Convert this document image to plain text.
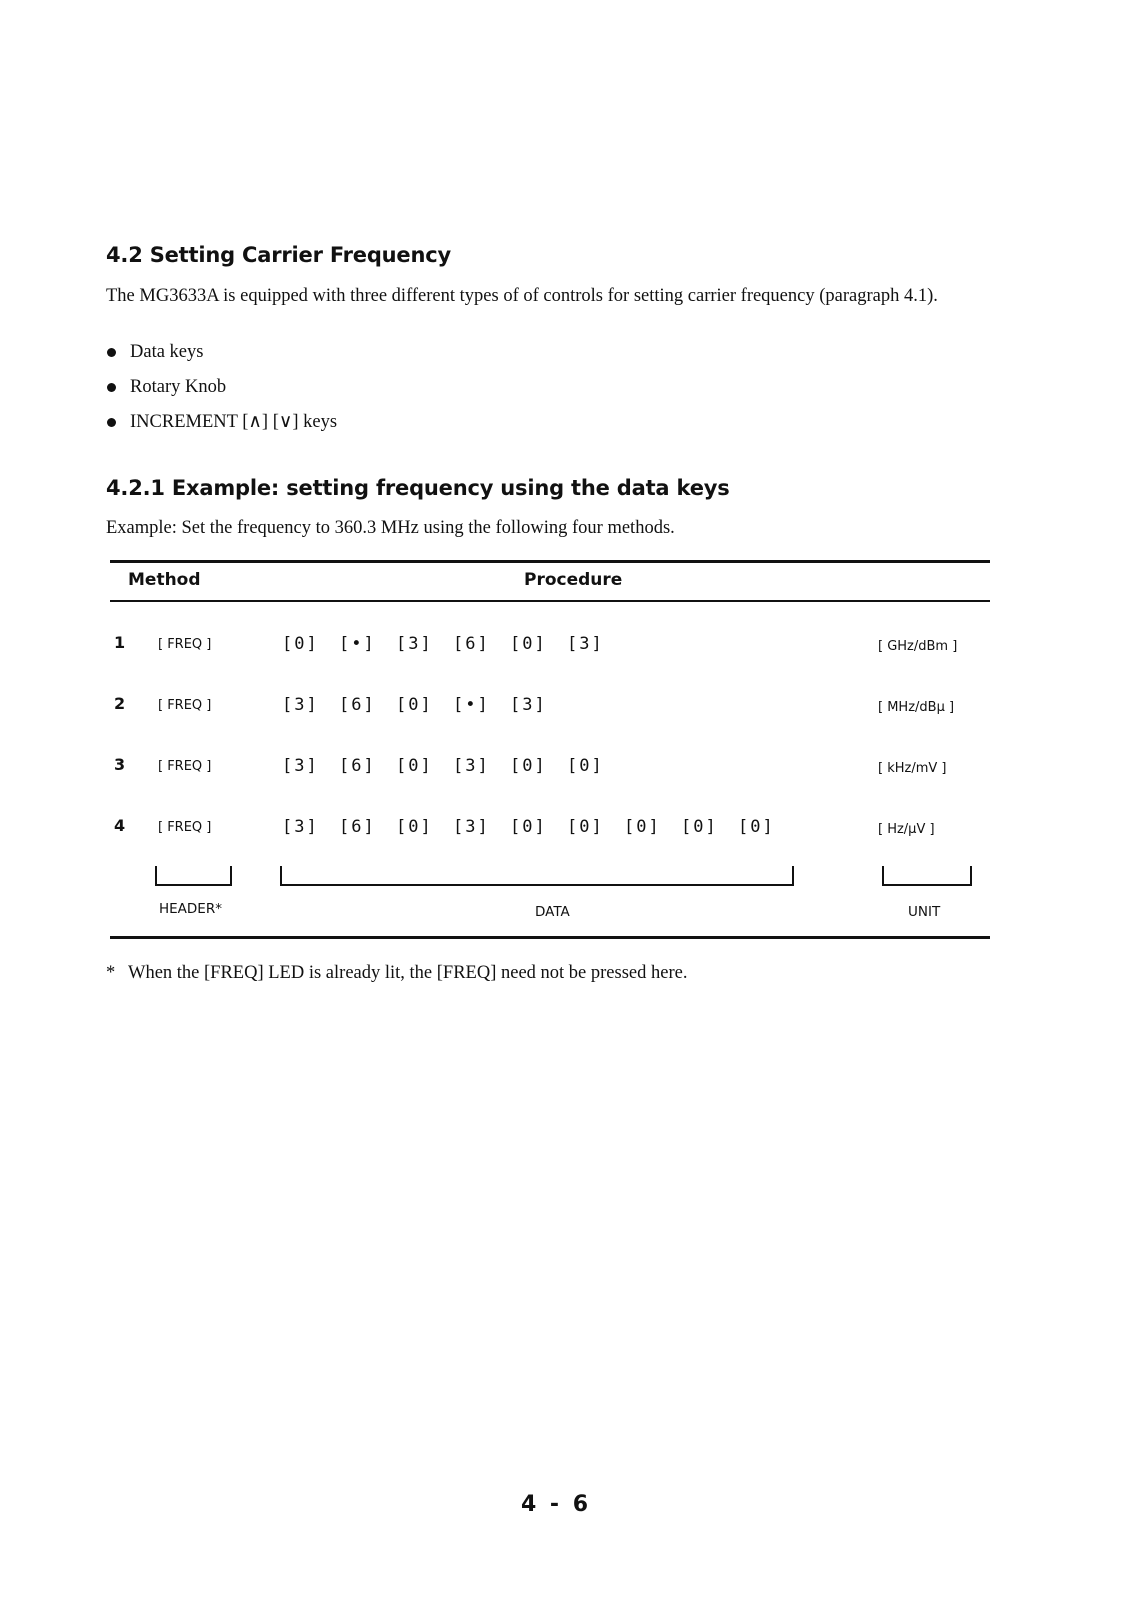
4.2 Setting Carrier Frequency
The MG3633A is equipped with three different types of of controls for setting carrier frequency (paragraph 4.1).
Data keys
Rotary Knob
INCREMENT [∧] [∨] keys
4.2.1 Example: setting frequency using the data keys
Example: Set the frequency to 360.3 MHz using the following four methods.
Method	Procedure
1	[ FREQ ]	[0] [•] [3] [6] [0] [3]	[ GHz/dBm ]
2	[ FREQ ]	[3] [6] [0] [•] [3]	[ MHz/dBμ ]
3	[ FREQ ]	[3] [6] [0] [3] [0] [0]	[ kHz/mV ]
4	[ FREQ ]	[3] [6] [0] [3] [0] [0] [0] [0] [0]	[ Hz/μV ]
HEADER*	DATA	UNIT
* When the [FREQ] LED is already lit, the [FREQ] need not be pressed here.
4 - 6
